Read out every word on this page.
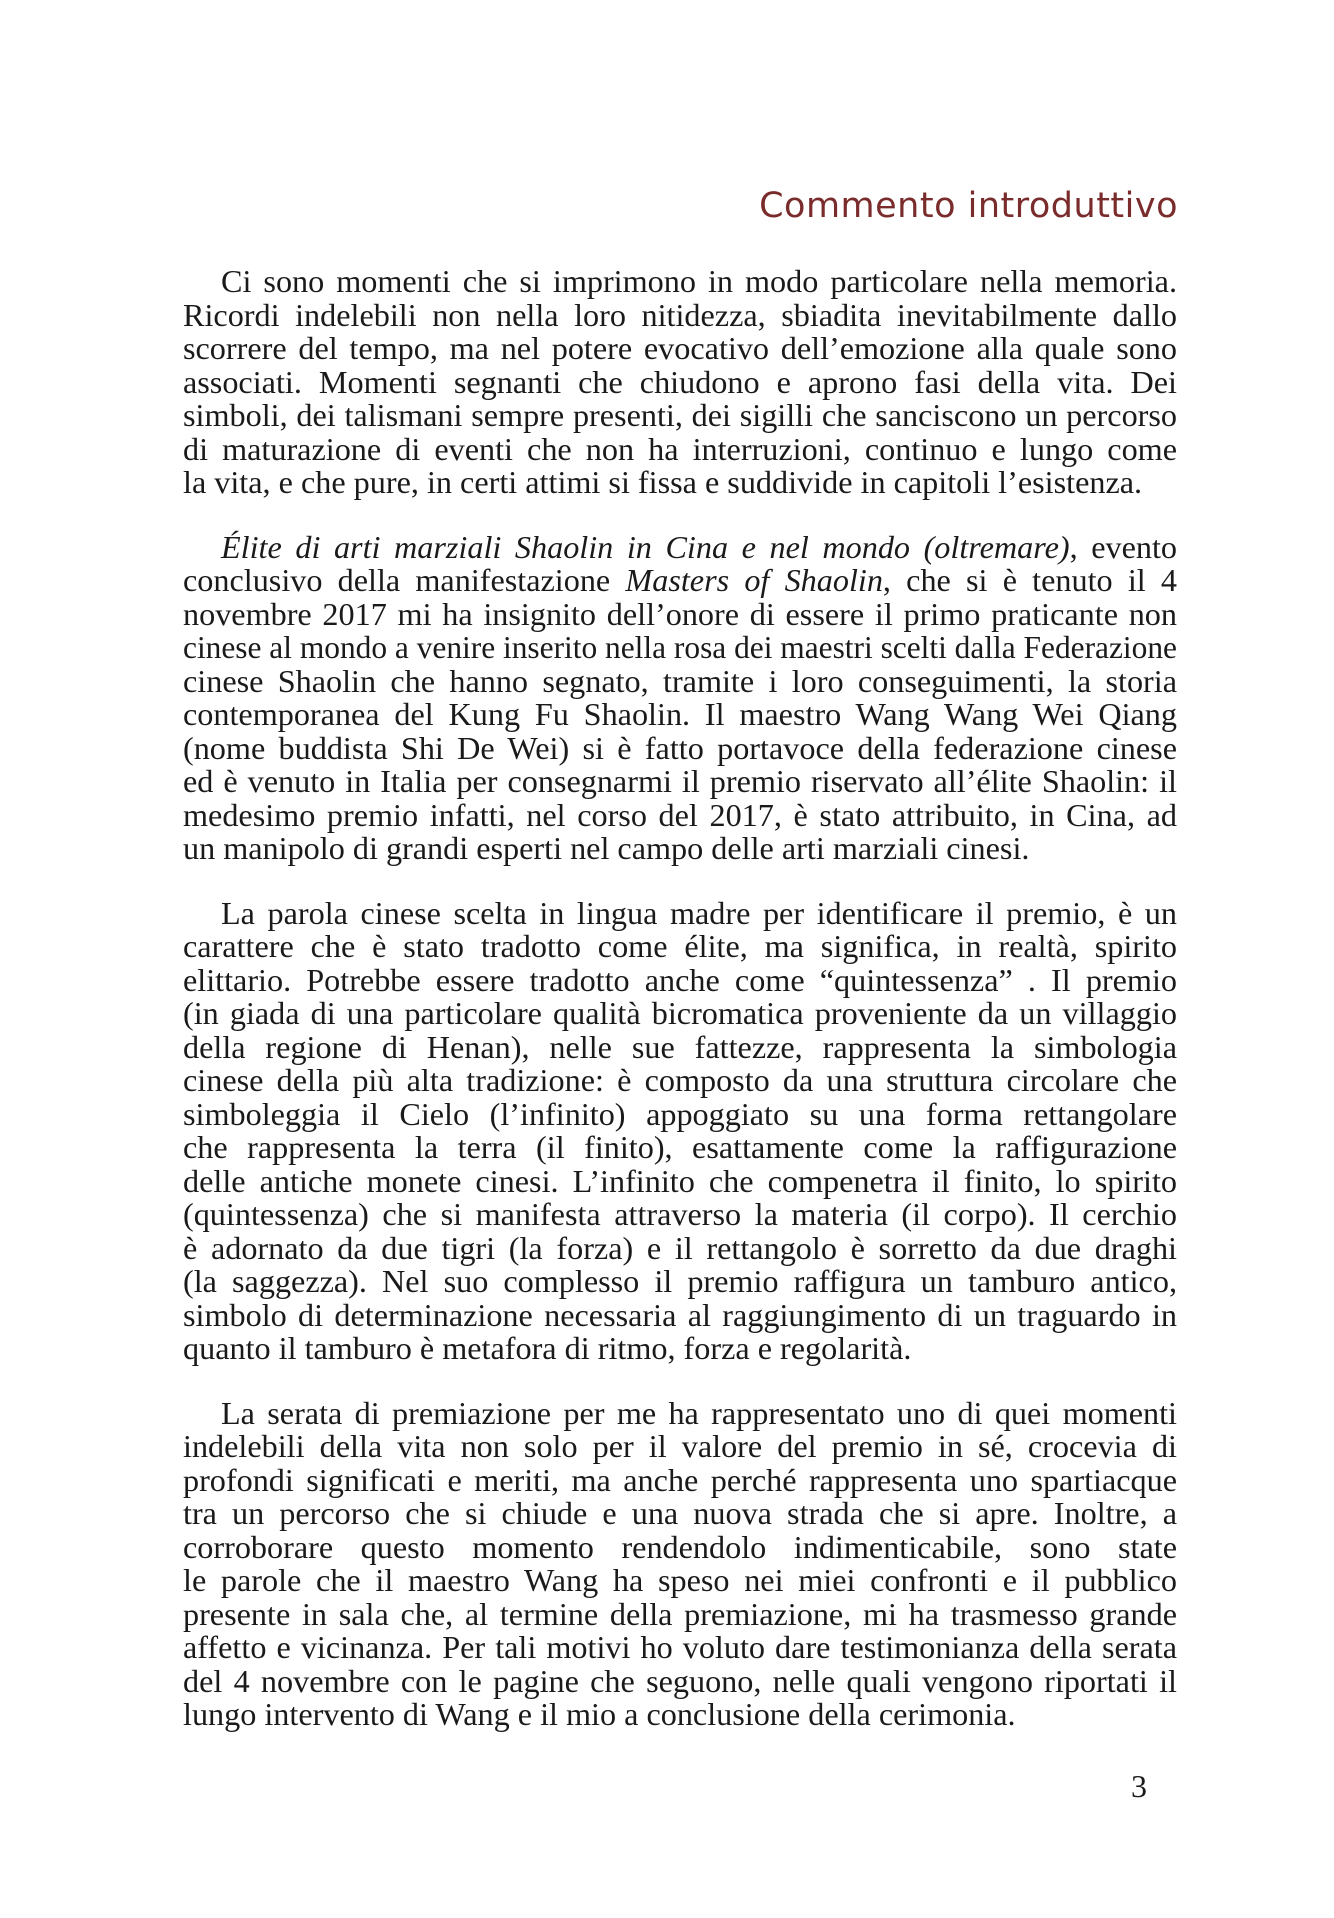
Commento introduttivo

Ci sono momenti che si imprimono in modo particolare nella memoria.
Ricordi indelebili non nella loro nitidezza, sbiadita inevitabilmente dallo
scorrere del tempo, ma nel potere evocativo dell’emozione alla quale sono
associati. Momenti segnanti che chiudono e aprono fasi della vita. Dei
simboli, dei talismani sempre presenti, dei sigilli che sanciscono un percorso
di maturazione di eventi che non ha interruzioni, continuo e lungo come
la vita, e che pure, in certi attimi si fissa e suddivide in capitoli l’esistenza.

Élite di arti marziali Shaolin in Cina e nel mondo (oltremare), evento
conclusivo della manifestazione Masters of Shaolin, che si è tenuto il 4
novembre 2017 mi ha insignito dell’onore di essere il primo praticante non
cinese al mondo a venire inserito nella rosa dei maestri scelti dalla Federazione
cinese Shaolin che hanno segnato, tramite i loro conseguimenti, la storia
contemporanea del Kung Fu Shaolin. Il maestro Wang Wang Wei Qiang
(nome buddista Shi De Wei) si è fatto portavoce della federazione cinese
ed è venuto in Italia per consegnarmi il premio riservato all’élite Shaolin: il
medesimo premio infatti, nel corso del 2017, è stato attribuito, in Cina, ad
un manipolo di grandi esperti nel campo delle arti marziali cinesi.

La parola cinese scelta in lingua madre per identificare il premio, è un
carattere che è stato tradotto come élite, ma significa, in realtà, spirito
elittario. Potrebbe essere tradotto anche come “quintessenza” . Il premio
(in giada di una particolare qualità bicromatica proveniente da un villaggio
della regione di Henan), nelle sue fattezze, rappresenta la simbologia
cinese della più alta tradizione: è composto da una struttura circolare che
simboleggia il Cielo (l’infinito) appoggiato su una forma rettangolare
che rappresenta la terra (il finito), esattamente come la raffigurazione
delle antiche monete cinesi. L’infinito che compenetra il finito, lo spirito
(quintessenza) che si manifesta attraverso la materia (il corpo). Il cerchio
è adornato da due tigri (la forza) e il rettangolo è sorretto da due draghi
(la saggezza). Nel suo complesso il premio raffigura un tamburo antico,
simbolo di determinazione necessaria al raggiungimento di un traguardo in
quanto il tamburo è metafora di ritmo, forza e regolarità.

La serata di premiazione per me ha rappresentato uno di quei momenti
indelebili della vita non solo per il valore del premio in sé, crocevia di
profondi significati e meriti, ma anche perché rappresenta uno spartiacque
tra un percorso che si chiude e una nuova strada che si apre. Inoltre, a
corroborare questo momento rendendolo indimenticabile, sono state
le parole che il maestro Wang ha speso nei miei confronti e il pubblico
presente in sala che, al termine della premiazione, mi ha trasmesso grande
affetto e vicinanza. Per tali motivi ho voluto dare testimonianza della serata
del 4 novembre con le pagine che seguono, nelle quali vengono riportati il
lungo intervento di Wang e il mio a conclusione della cerimonia.

3
